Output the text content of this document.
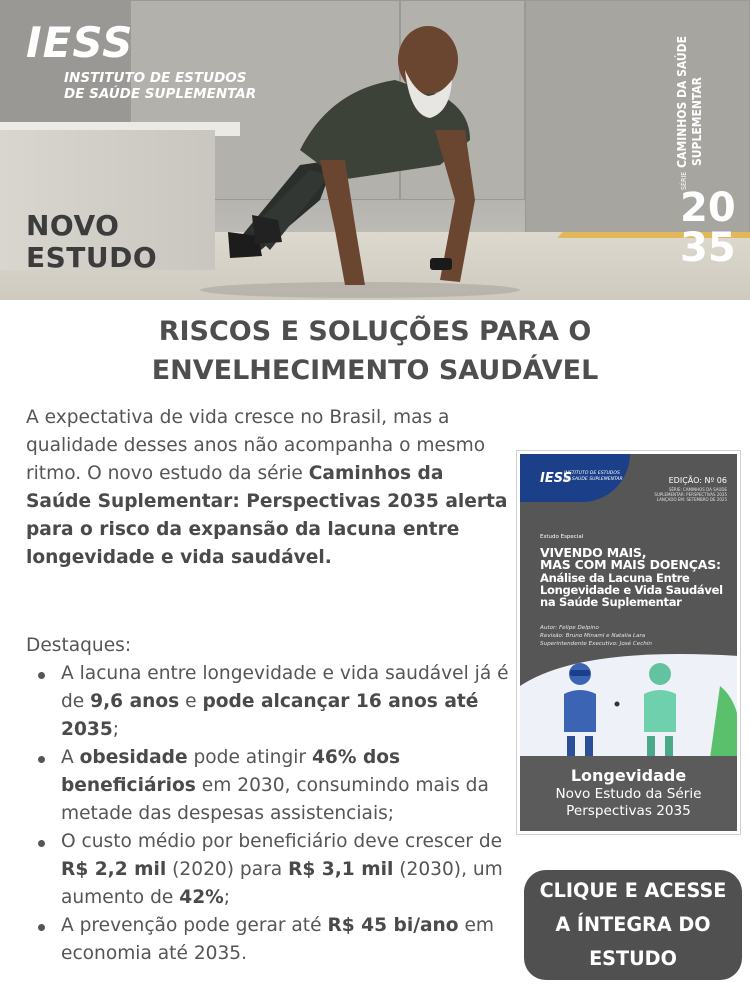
IESS
INSTITUTO DE ESTUDOS
DE SAÚDE SUPLEMENTAR
NOVO
ESTUDO
SÉRIECAMINHOS DA SAÚDE SUPLEMENTAR
20
35
RISCOS E SOLUÇÕES PARA O
ENVELHECIMENTO SAUDÁVEL
A expectativa de vida cresce no Brasil, mas a qualidade desses anos não acompanha o mesmo ritmo. O novo estudo da série Caminhos da Saúde Suplementar: Perspectivas 2035 alerta para o risco da expansão da lacuna entre longevidade e vida saudável.
Destaques:
A lacuna entre longevidade e vida saudável já é de 9,6 anos e pode alcançar 16 anos até 2035;
A obesidade pode atingir 46% dos beneficiários em 2030, consumindo mais da metade das despesas assistenciais;
O custo médio por beneficiário deve crescer de R$ 2,2 mil (2020) para R$ 3,1 mil (2030), um aumento de 42%;
A prevenção pode gerar até R$ 45 bi/ano em economia até 2035.
IESS
INSTITUTO DE ESTUDOS
DE SAÚDE SUPLEMENTAR	EDIÇÃO: Nº 06
SÉRIE: CAMINHOS DA SAÚDE
SUPLEMENTAR: PERSPECTIVAS 2035
LANÇADO EM: SETEMBRO DE 2025
Estudo Especial
VIVENDO MAIS,
MAS COM MAIS DOENÇAS:
Análise da Lacuna Entre
Longevidade e Vida Saudável
na Saúde Suplementar
Autor: Felipe Delpino
Revisão: Bruno Minami e Natalia Lara
Superintendente Executivo: José Cechin
Longevidade
Novo Estudo da Série
Perspectivas 2035
CLIQUE E ACESSE
A ÍNTEGRA DO
ESTUDO
